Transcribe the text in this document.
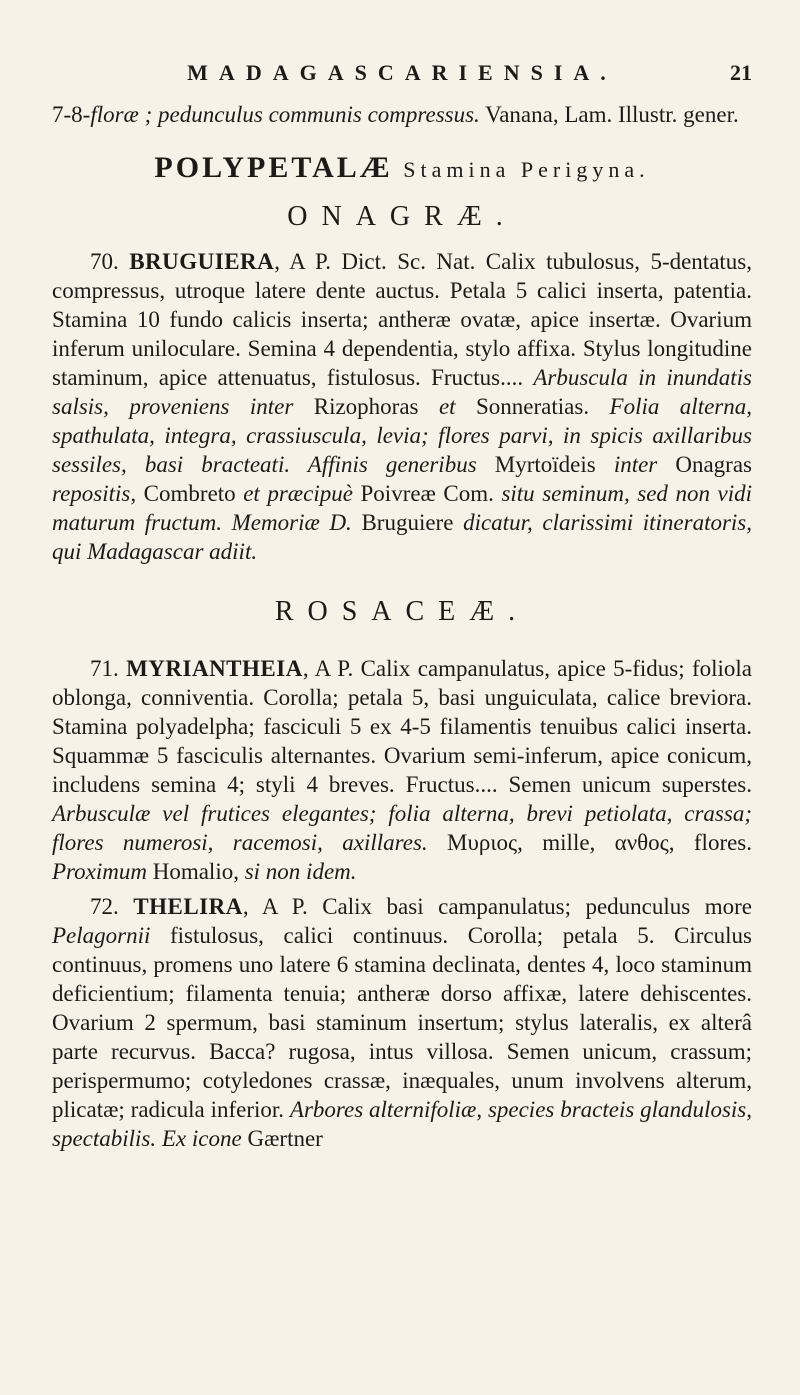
MADAGASCARIENSIA.	21

7-8-floræ ; pedunculus communis compressus. Vanana, Lam. Illustr. gener.

POLYPETALÆ Stamina Perigyna.
ONAGRÆ.

70. BRUGUIERA, A P. Dict. Sc. Nat. Calix tubulosus, 5-dentatus, compressus, utroque latere dente auctus. Petala 5 calici inserta, patentia. Stamina 10 fundo calicis inserta; antheræ ovatæ, apice insertæ. Ovarium inferum uniloculare. Semina 4 dependentia, stylo affixa. Stylus longitudine staminum, apice attenuatus, fistulosus. Fructus.... Arbuscula in inundatis salsis, proveniens inter Rizophoras et Sonneratias. Folia alterna, spathulata, integra, crassiuscula, levia; flores parvi, in spicis axillaribus sessiles, basi bracteati. Affinis generibus Myrtoïdeis inter Onagras repositis, Combreto et præcipuè Poivreæ Com. situ seminum, sed non vidi maturum fructum. Memoriæ D. Bruguiere dicatur, clarissimi itineratoris, qui Madagascar adiit.

ROSACEÆ.

71. MYRIANTHEIA, A P. Calix campanulatus, apice 5-fidus; foliola oblonga, conniventia. Corolla; petala 5, basi unguiculata, calice breviora. Stamina polyadelpha; fasciculi 5 ex 4-5 filamentis tenuibus calici inserta. Squammæ 5 fasciculis alternantes. Ovarium semi-inferum, apice conicum, includens semina 4; styli 4 breves. Fructus.... Semen unicum superstes. Arbusculæ vel frutices elegantes; folia alterna, brevi petiolata, crassa; flores numerosi, racemosi, axillares. Μυριος, mille, ανθος, flores. Proximum Homalio, si non idem.

72. THELIRA, A P. Calix basi campanulatus; pedunculus more Pelagornii fistulosus, calici continuus. Corolla; petala 5. Circulus continuus, promens uno latere 6 stamina declinata, dentes 4, loco staminum deficientium; filamenta tenuia; antheræ dorso affixæ, latere dehiscentes. Ovarium 2 spermum, basi staminum insertum; stylus lateralis, ex alterâ parte recurvus. Bacca? rugosa, intus villosa. Semen unicum, crassum; perispermumo; cotyledones crassæ, inæquales, unum involvens alterum, plicatæ; radicula inferior. Arbores alternifoliæ, species bracteis glandulosis, spectabilis. Ex icone Gærtner
